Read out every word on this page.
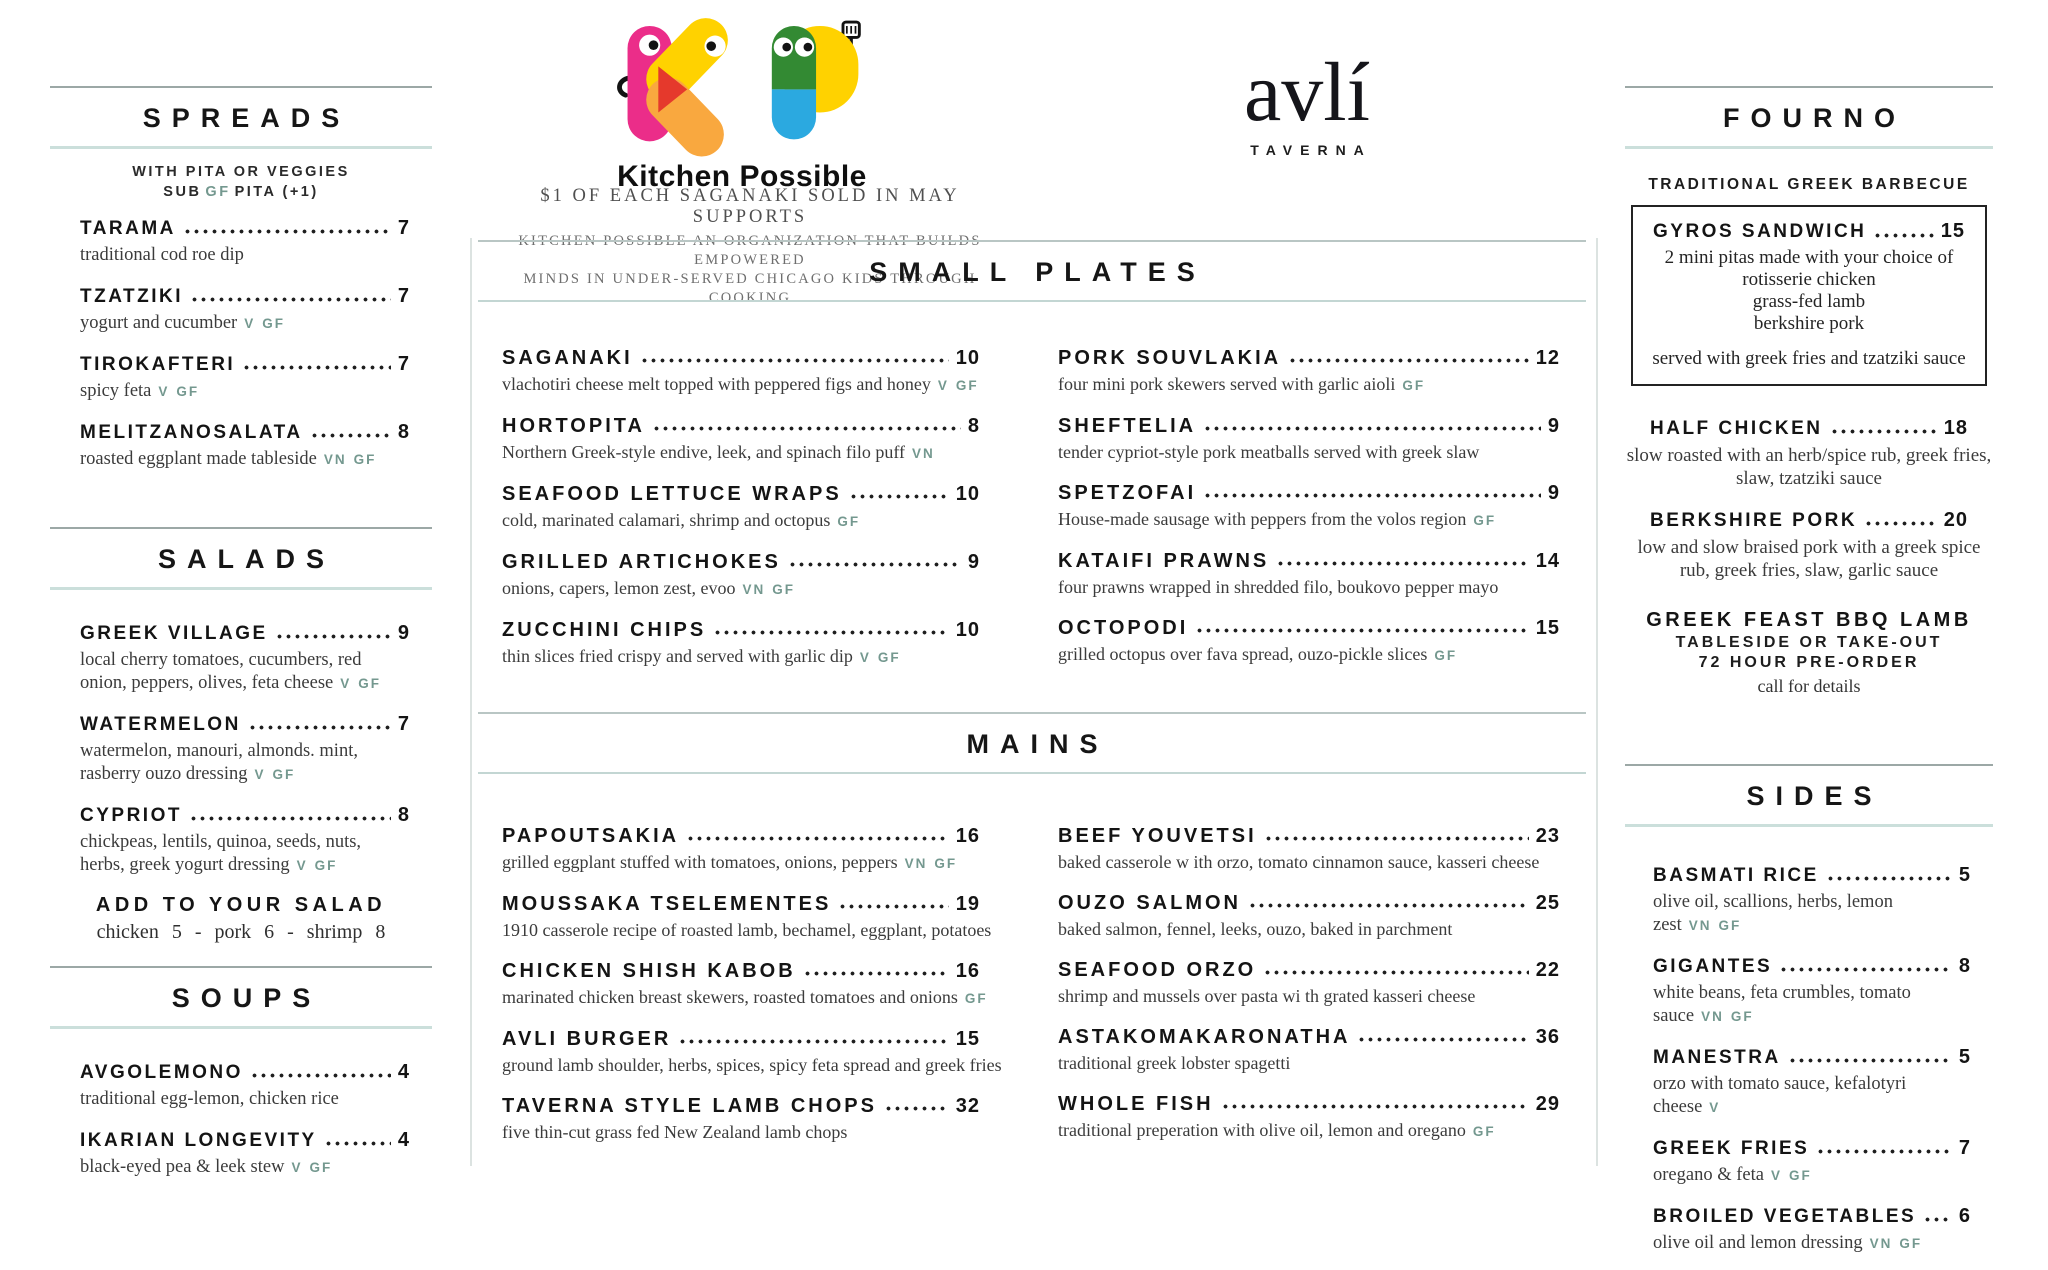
Kitchen Possible
$1 OF EACH SAGANAKI SOLD IN MAY SUPPORTS
KITCHEN POSSIBLE AN ORGANIZATION THAT BUILDS EMPOWERED
MINDS IN UNDER-SERVED CHICAGO KIDS THROUGH COOKING
avlí
TAVERNA
SPREADS
WITH PITA OR VEGGIES
SUB GF PITA (+1)
TARAMA	7
traditional cod roe dip
TZATZIKI	7
yogurt and cucumber V GF
TIROKAFTERI	7
spicy feta V GF
MELITZANOSALATA	8
roasted eggplant made tableside VN GF
SALADS
GREEK VILLAGE	9
local cherry tomatoes, cucumbers, red onion, peppers, olives, feta cheese V GF
WATERMELON	7
watermelon, manouri, almonds. mint, rasberry ouzo dressing V GF
CYPRIOT	8
chickpeas, lentils, quinoa, seeds, nuts, herbs, greek yogurt dressing V GF
ADD TO YOUR SALAD
chicken 5 - pork 6 - shrimp 8
SOUPS
AVGOLEMONO	4
traditional egg-lemon, chicken rice
IKARIAN LONGEVITY	4
black-eyed pea & leek stew V GF
SMALL PLATES
SAGANAKI	10
vlachotiri cheese melt topped with peppered figs and honey V GF
HORTOPITA	8
Northern Greek-style endive, leek, and spinach filo puff VN
SEAFOOD LETTUCE WRAPS	10
cold, marinated calamari, shrimp and octopus GF
GRILLED ARTICHOKES	9
onions, capers, lemon zest, evoo VN GF
ZUCCHINI CHIPS	10
thin slices fried crispy and served with garlic dip V GF
PORK SOUVLAKIA	12
four mini pork skewers served with garlic aioli GF
SHEFTELIA	9
tender cypriot-style pork meatballs served with greek slaw
SPETZOFAI	9
House-made sausage with peppers from the volos region GF
KATAIFI PRAWNS	14
four prawns wrapped in shredded filo, boukovo pepper mayo
OCTOPODI	15
grilled octopus over fava spread, ouzo-pickle slices GF
MAINS
PAPOUTSAKIA	16
grilled eggplant stuffed with tomatoes, onions, peppers VN GF
MOUSSAKA TSELEMENTES	19
1910 casserole recipe of roasted lamb, bechamel, eggplant, potatoes
CHICKEN SHISH KABOB	16
marinated chicken breast skewers, roasted tomatoes and onions GF
AVLI BURGER	15
ground lamb shoulder, herbs, spices, spicy feta spread and greek fries
TAVERNA STYLE LAMB CHOPS	32
five thin-cut grass fed New Zealand lamb chops
BEEF YOUVETSI	23
baked casserole w ith orzo, tomato cinnamon sauce, kasseri cheese
OUZO SALMON	25
baked salmon, fennel, leeks, ouzo, baked in parchment
SEAFOOD ORZO	22
shrimp and mussels over pasta wi th grated kasseri cheese
ASTAKOMAKARONATHA	36
traditional greek lobster spagetti
WHOLE FISH	29
traditional preperation with olive oil, lemon and oregano GF
FOURNO
TRADITIONAL GREEK BARBECUE
GYROS SANDWICH	15
2 mini pitas made with your choice of
rotisserie chicken
grass-fed lamb
berkshire pork
served with greek fries and tzatziki sauce
HALF CHICKEN	18
slow roasted with an herb/spice rub, greek fries, slaw, tzatziki sauce
BERKSHIRE PORK	20
low and slow braised pork with a greek spice rub, greek fries, slaw, garlic sauce
GREEK FEAST BBQ LAMB
TABLESIDE OR TAKE-OUT
72 HOUR PRE-ORDER
call for details
SIDES
BASMATI RICE	5
olive oil, scallions, herbs, lemon zest VN GF
GIGANTES	8
white beans, feta crumbles, tomato sauce VN GF
MANESTRA	5
orzo with tomato sauce, kefalotyri cheese V
GREEK FRIES	7
oregano & feta V GF
BROILED VEGETABLES 6
olive oil and lemon dressing VN GF
